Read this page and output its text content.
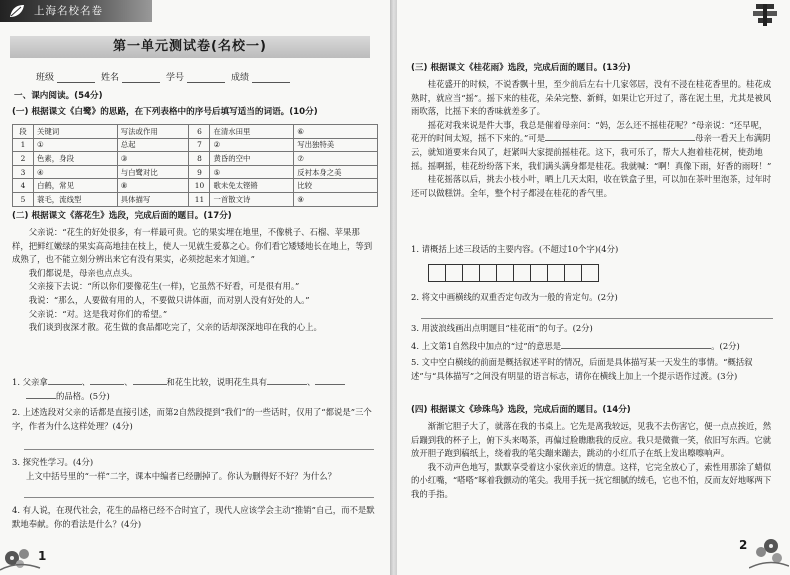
上海名校名卷
第一单元测试卷(名校一)
班级	姓名	学号	成绩
一、课内阅读。(54分)
(一) 根据课文《白鹭》的思路，在下列表格中的序号后填写适当的词语。(10分)
段	关键词	写法或作用	6	在清水田里	⑥
1	①	总起	7	②	写出独特美
2	色素，身段	③	8	黄昏的空中	⑦
3	④	与白鹭对比	9	⑤	反衬本身之美
4	白鹤，常见	⑧	10	歌未免太铿锵	比较
5	蓑毛，流线型	具体描写	11	一首散文诗	⑨
(二) 根据课文《落花生》选段，完成后面的题目。(17分)

父亲说：“花生的好处很多，有一样最可贵。它的果实埋在地里，不像桃子、石榴、苹果那样，把鲜红嫩绿的果实高高地挂在枝上，使人一见就生爱慕之心。你们看它矮矮地长在地上，等到成熟了，也不能立刻分辨出来它有没有果实，必须挖起来才知道。”

我们都说是，母亲也点点头。

父亲接下去说：“所以你们要像花生(一样)，它虽然不好看，可是很有用。”

我说：“那么，人要做有用的人，不要做只讲体面，而对别人没有好处的人。”

父亲说：“对。这是我对你们的希望。”

我们谈到夜深才散。花生做的食品都吃完了，父亲的话却深深地印在我的心上。

1. 父亲拿	、	、	和花生比较，说明花生具有	、
的品格。(5分)
2. 上述选段对父亲的话都是直接引述，而第2自然段提到“我们”的一些话时，仅用了“都说是”三个字，作者为什么这样处理？(4分)

3. 探究性学习。(4分)

上文中括号里的“一样”二字，课本中编者已经删掉了。你认为删得好不好？为什么？

4. 有人说，在现代社会，花生的品格已经不合时宜了，现代人应该学会主动“推销”自己，而不是默默地奉献。你的看法是什么？(4分)
1
(三) 根据课文《桂花雨》选段，完成后面的题目。(13分)

桂花盛开的时候，不说香飘十里，至少前后左右十几家邻居，没有不浸在桂花香里的。桂花成熟时，就应当“摇”。摇下来的桂花，朵朵完整、新鲜，如果让它开过了，落在泥土里，尤其是被风雨吹落，比摇下来的香味就差多了。

摇花对我来说是件大事，我总是催着母亲问：“妈，怎么还不摇桂花呢？”母亲说：“还早呢，花开的时间太短，摇不下来的。”可是	母亲一看天上布满阴云，就知道要来台风了，赶紧叫大家提前摇桂花。这下，我可乐了，帮大人抱着桂花树，使劲地摇。摇啊摇，桂花纷纷落下来，我们满头满身都是桂花。我就喊：“啊！真像下雨，好香的雨呀！”

桂花摇落以后，挑去小枝小叶，晒上几天太阳，收在铁盒子里，可以加在茶叶里泡茶，过年时还可以做糕饼。全年，整个村子都浸在桂花的香气里。

1. 请概括上述三段话的主要内容。(不超过10个字)(4分)
2. 将文中画横线的双重否定句改为一般的肯定句。(2分)
3. 用波浪线画出点明题目“桂花雨”的句子。(2分)
4. 上文第1自然段中加点的“过”的意思是	。(2分)
5. 文中空白横线的前面是概括叙述平时的情况，后面是具体描写某一天发生的事情。“概括叙述”与“具体描写”之间没有明显的语言标志，请你在横线上加上一个提示语作过渡。(3分)
(四) 根据课文《珍珠鸟》选段，完成后面的题目。(14分)

渐渐它胆子大了，就落在我的书桌上。它先是离我较远，见我不去伤害它，便一点点挨近，然后蹦到我的杯子上，俯下头来喝茶，再偏过脸瞧瞧我的反应。我只是微微一笑，依旧写东西。它就放开胆子跑到稿纸上，绕着我的笔尖蹦来蹦去，跳动的小红爪子在纸上发出嚓嚓响声。

我不动声色地写，默默享受着这小家伙亲近的情意。这样，它完全放心了，索性用那涂了蜡似的小红嘴，“嗒嗒”啄着我颤动的笔尖。我用手抚一抚它细腻的绒毛，它也不怕，反而友好地啄两下我的手指。

2
